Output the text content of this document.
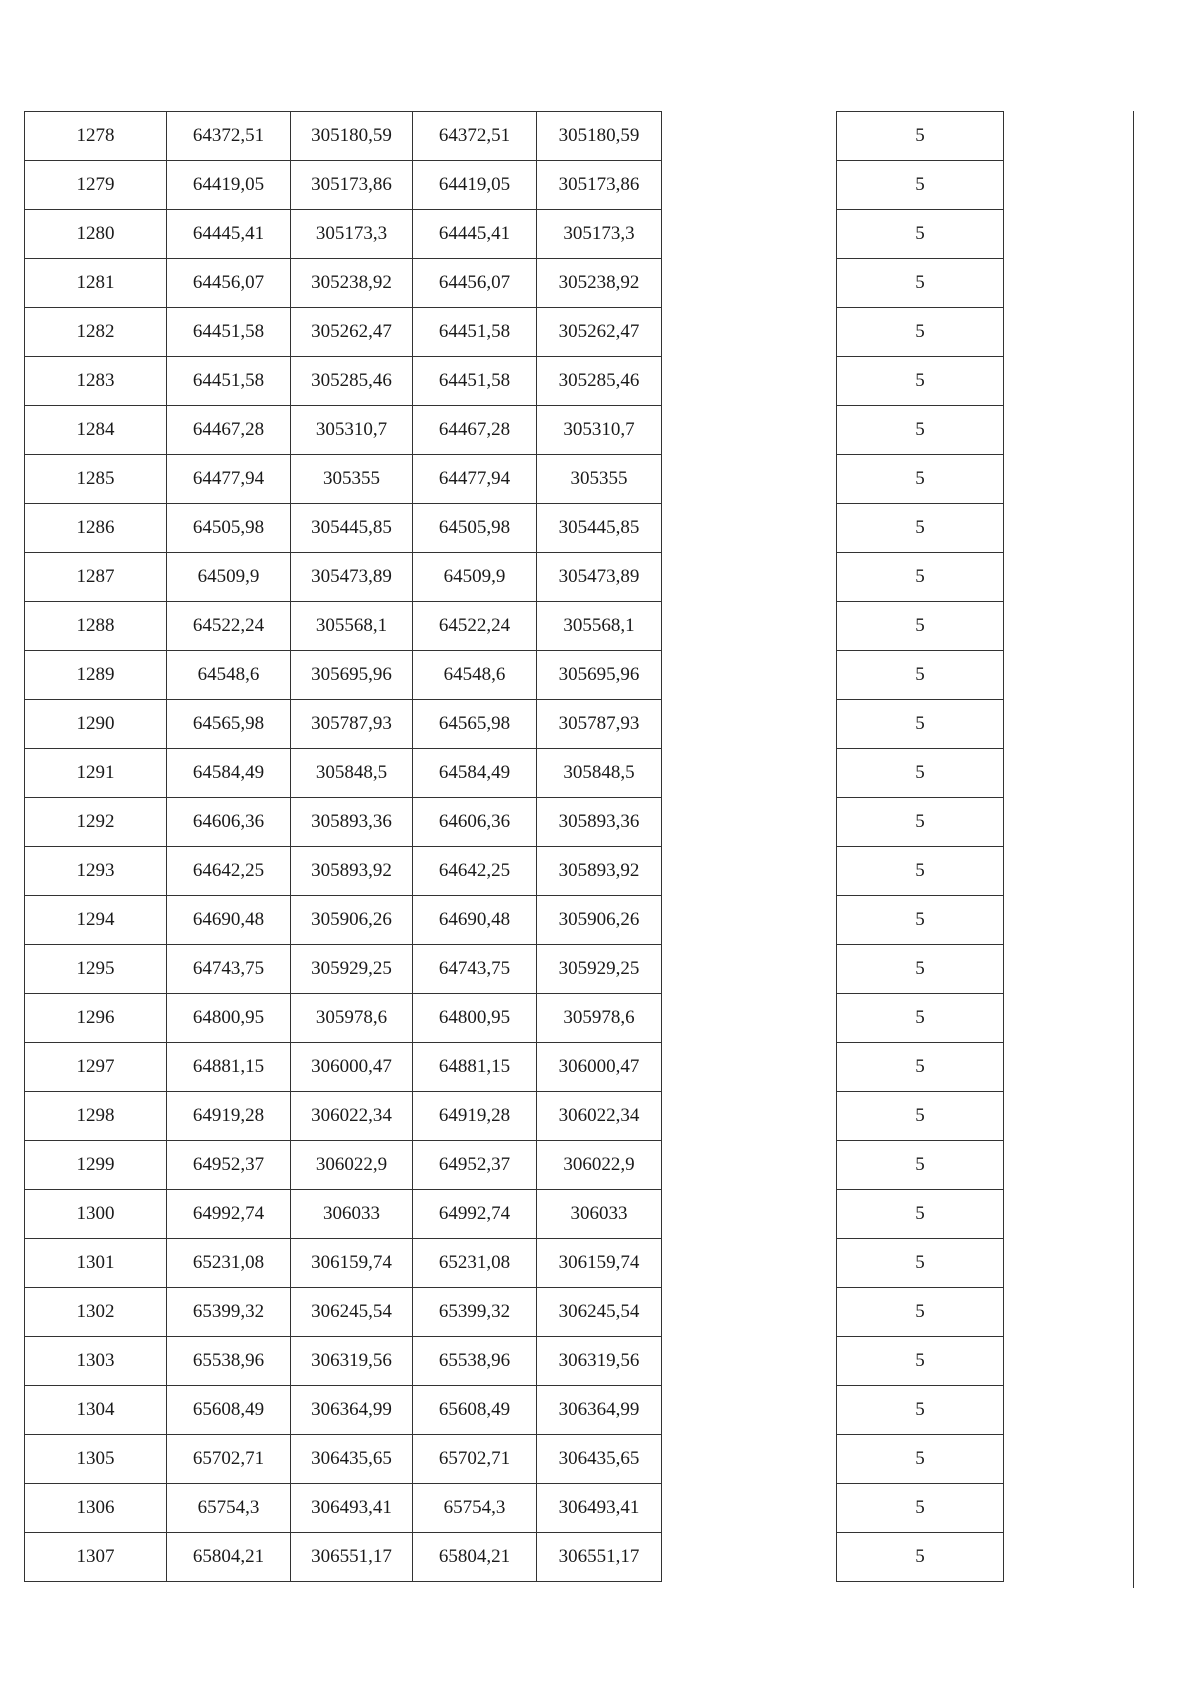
1278	64372,51	305180,59	64372,51	305180,59
1279	64419,05	305173,86	64419,05	305173,86
1280	64445,41	305173,3	64445,41	305173,3
1281	64456,07	305238,92	64456,07	305238,92
1282	64451,58	305262,47	64451,58	305262,47
1283	64451,58	305285,46	64451,58	305285,46
1284	64467,28	305310,7	64467,28	305310,7
1285	64477,94	305355	64477,94	305355
1286	64505,98	305445,85	64505,98	305445,85
1287	64509,9	305473,89	64509,9	305473,89
1288	64522,24	305568,1	64522,24	305568,1
1289	64548,6	305695,96	64548,6	305695,96
1290	64565,98	305787,93	64565,98	305787,93
1291	64584,49	305848,5	64584,49	305848,5
1292	64606,36	305893,36	64606,36	305893,36
1293	64642,25	305893,92	64642,25	305893,92
1294	64690,48	305906,26	64690,48	305906,26
1295	64743,75	305929,25	64743,75	305929,25
1296	64800,95	305978,6	64800,95	305978,6
1297	64881,15	306000,47	64881,15	306000,47
1298	64919,28	306022,34	64919,28	306022,34
1299	64952,37	306022,9	64952,37	306022,9
1300	64992,74	306033	64992,74	306033
1301	65231,08	306159,74	65231,08	306159,74
1302	65399,32	306245,54	65399,32	306245,54
1303	65538,96	306319,56	65538,96	306319,56
1304	65608,49	306364,99	65608,49	306364,99
1305	65702,71	306435,65	65702,71	306435,65
1306	65754,3	306493,41	65754,3	306493,41
1307	65804,21	306551,17	65804,21	306551,17
5
5
5
5
5
5
5
5
5
5
5
5
5
5
5
5
5
5
5
5
5
5
5
5
5
5
5
5
5
5
